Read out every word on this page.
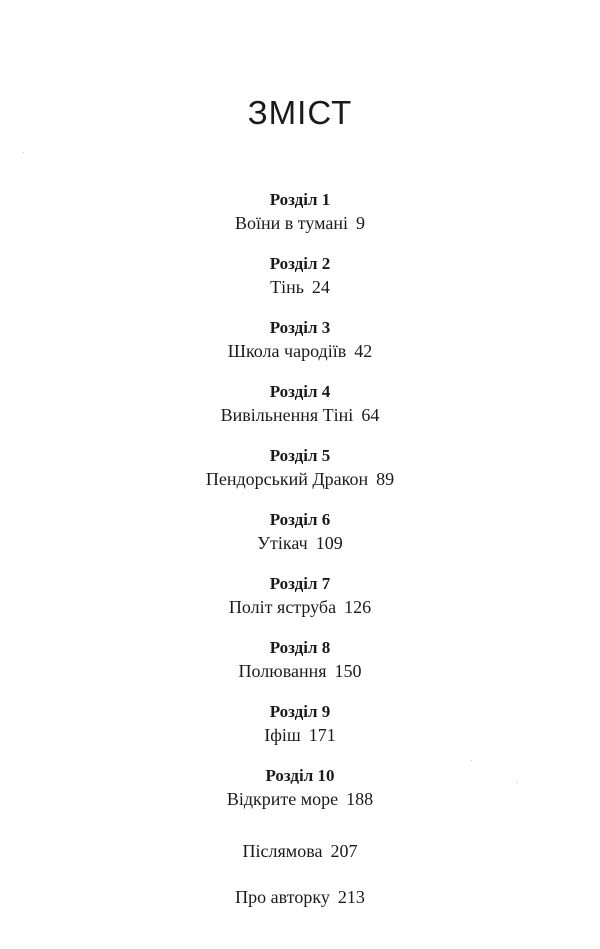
ЗМІСТ
Розділ 1
Воїни в тумані 9
Розділ 2
Тінь 24
Розділ 3
Школа чародіїв 42
Розділ 4
Вивільнення Тіні 64
Розділ 5
Пендорський Дракон 89
Розділ 6
Утікач 109
Розділ 7
Політ яструба 126
Розділ 8
Полювання 150
Розділ 9
Іфіш 171
Розділ 10
Відкрите море 188
Післямова 207
Про авторку 213
